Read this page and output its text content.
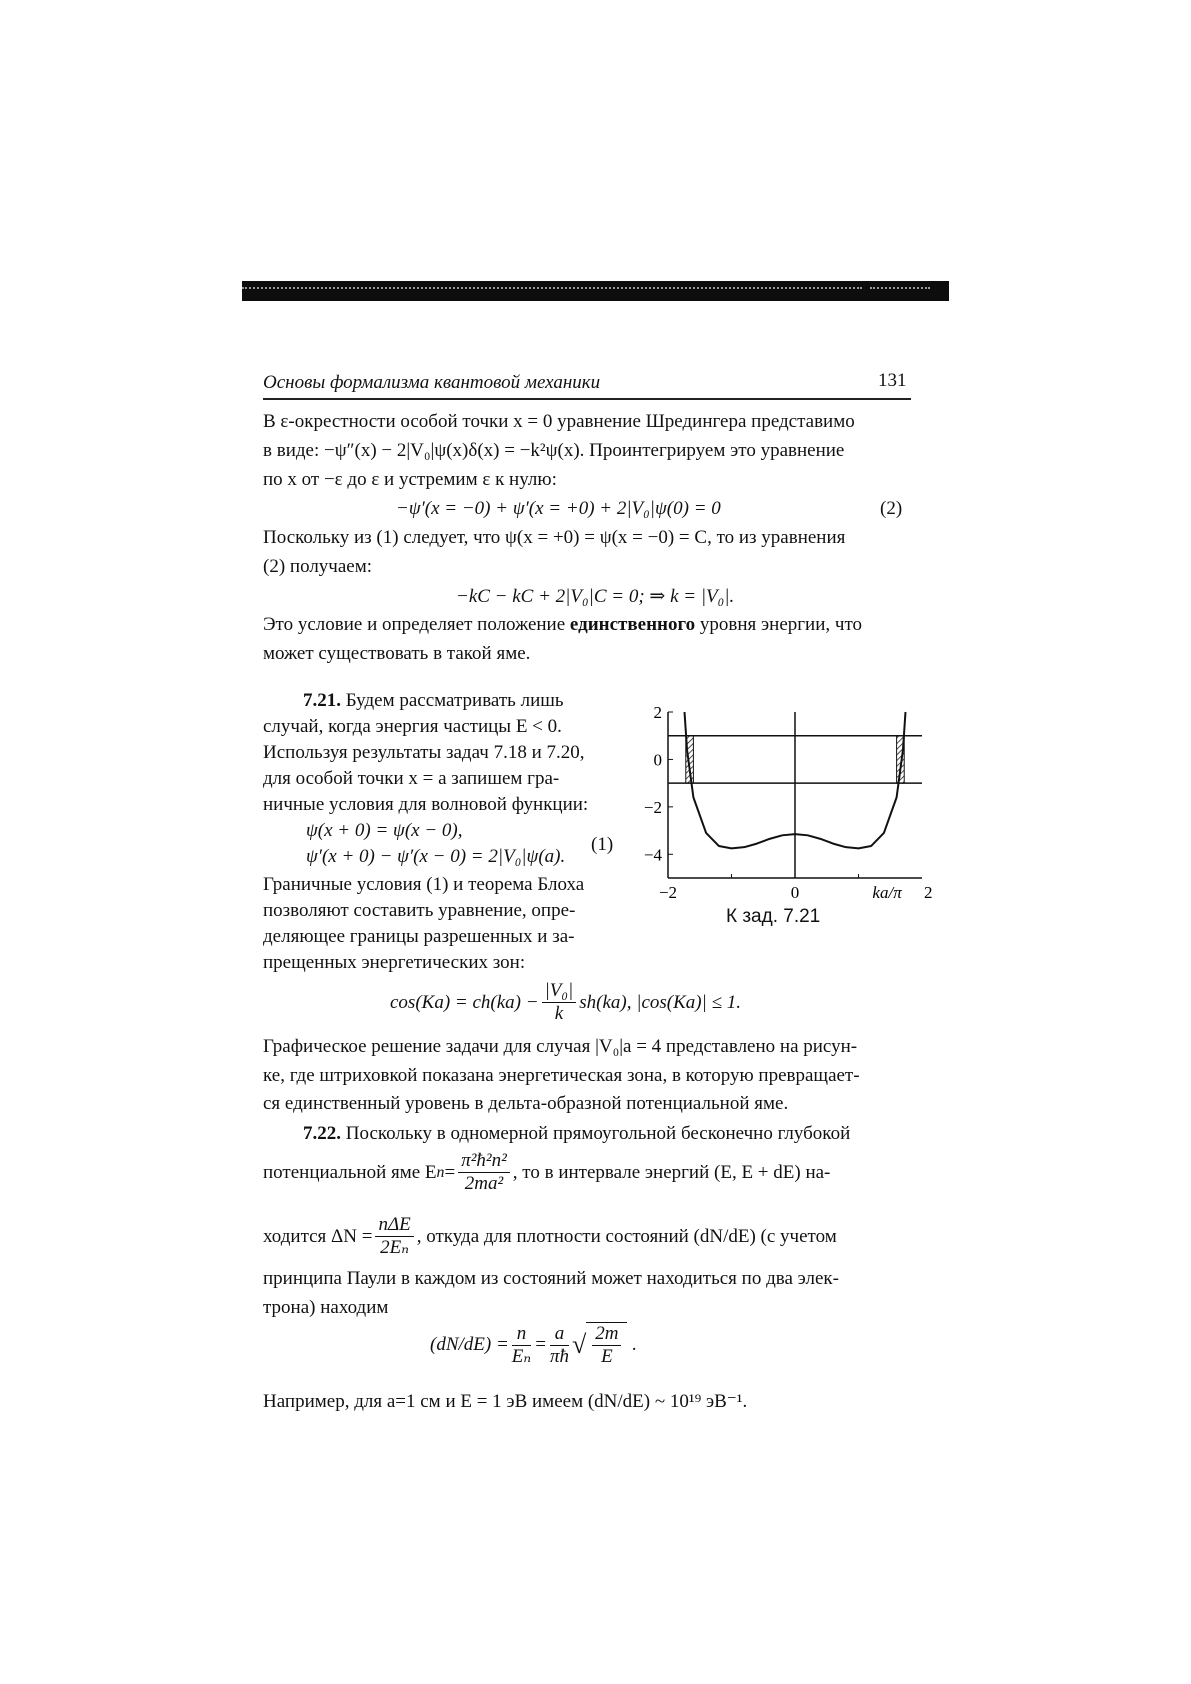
Основы формализма квантовой механики	131
В ε-окрестности особой точки x = 0 уравнение Шредингера представимо
в виде: −ψ″(x) − 2|V₀|ψ(x)δ(x) = −k²ψ(x). Проинтегрируем это уравнение
по x от −ε до ε и устремим ε к нулю:
−ψ′(x = −0) + ψ′(x = +0) + 2|V₀|ψ(0) = 0	(2)
Поскольку из (1) следует, что ψ(x = +0) = ψ(x = −0) = C, то из уравнения
(2) получаем:
−kC − kC + 2|V₀|C = 0; ⇒ k = |V₀|.
Это условие и определяет положение единственного уровня энергии, что
может существовать в такой яме.
7.21. Будем рассматривать лишь
случай, когда энергия частицы E < 0.
Используя результаты задач 7.18 и 7.20,
для особой точки x = a запишем гра-
ничные условия для волновой функции:
ψ(x + 0) = ψ(x − 0),
ψ′(x + 0) − ψ′(x − 0) = 2|V₀|ψ(a).
(1)
Граничные условия (1) и теорема Блоха
позволяют составить уравнение, опре-
деляющее границы разрешенных и за-
прещенных энергетических зон:
2
0
−2
−4
−2	0	ka/π 2
К зад. 7.21
$\cos(Ka) = ch(ka) - \frac{\text{|V₀|}}{k} sh(ka)$, |cos(Ka)| ≤ 1.
Графическое решение задачи для случая |V₀|a = 4 представлено на рисун-
ке, где штриховкой показана энергетическая зона, в которую превращает-
ся единственный уровень в дельта-образной потенциальной яме.
7.22. Поскольку в одномерной прямоугольной бесконечно глубокой
потенциальной яме E $n = \frac{\text{π²ħ²n²}}{\text{2ma²}}$ , то в интервале энергий (E, E + dE) на-
ходится $\Delta N = \frac{\text{nΔE}}{\text{2Eₙ}}$ , откуда для плотности состояний (dN/dE) (с учетом
принципа Паули в каждом из состояний может находиться по два элек-
трона) находим
$(dN/dE) = \frac{n}{\text{Eₙ}} = \frac{a}{\pi ħ}$ √ $\frac{2m}{E}$ .
Например, для a=1 см и E = 1 эВ имеем (dN/dE) ~ 10¹⁹ эВ⁻¹.
